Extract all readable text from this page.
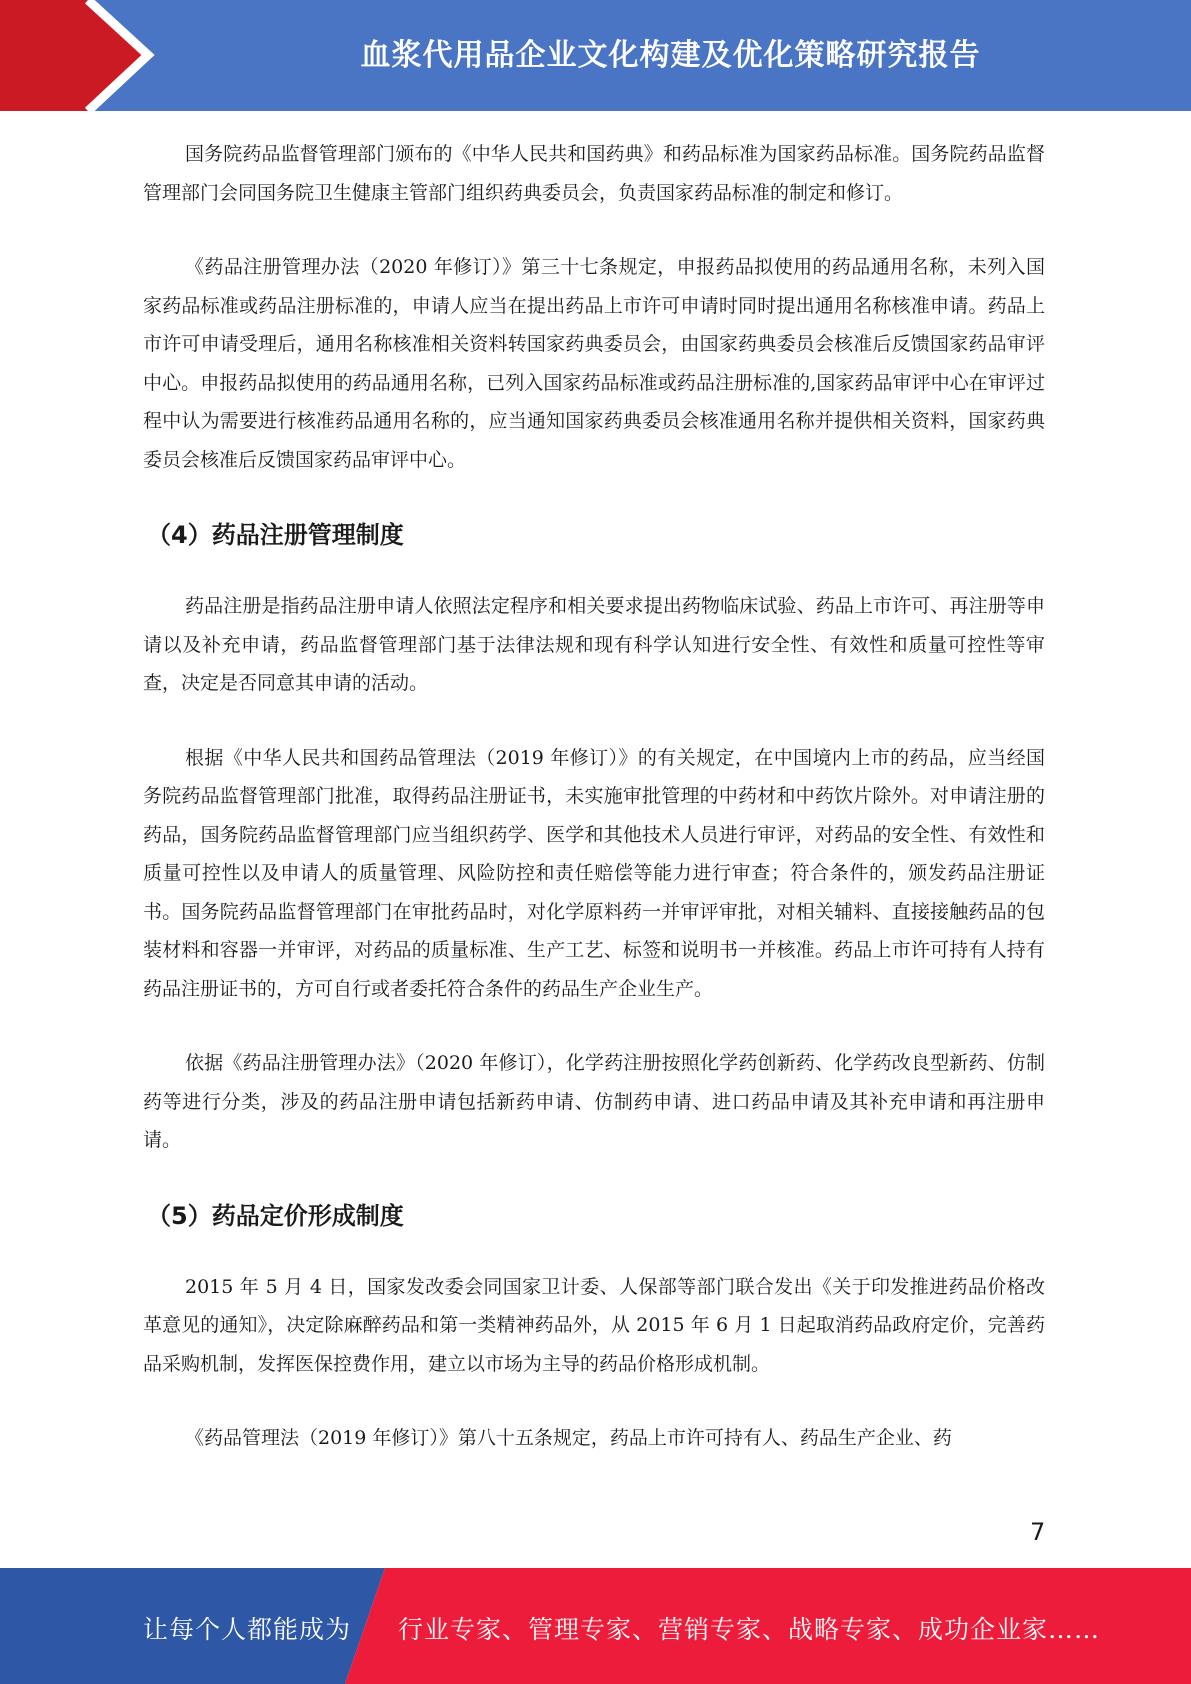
血浆代用品企业文化构建及优化策略研究报告

国务院药品监督管理部门颁布的《中华人民共和国药典》和药品标准为国家药品标准。国务院药品监督管理部门会同国务院卫生健康主管部门组织药典委员会，负责国家药品标准的制定和修订。

《药品注册管理办法（2020 年修订）》第三十七条规定，申报药品拟使用的药品通用名称，未列入国家药品标准或药品注册标准的，申请人应当在提出药品上市许可申请时同时提出通用名称核准申请。药品上市许可申请受理后，通用名称核准相关资料转国家药典委员会，由国家药典委员会核准后反馈国家药品审评中心。申报药品拟使用的药品通用名称，已列入国家药品标准或药品注册标准的,国家药品审评中心在审评过程中认为需要进行核准药品通用名称的，应当通知国家药典委员会核准通用名称并提供相关资料，国家药典委员会核准后反馈国家药品审评中心。

（4）药品注册管理制度

药品注册是指药品注册申请人依照法定程序和相关要求提出药物临床试验、药品上市许可、再注册等申请以及补充申请，药品监督管理部门基于法律法规和现有科学认知进行安全性、有效性和质量可控性等审查，决定是否同意其申请的活动。

根据《中华人民共和国药品管理法（2019 年修订）》的有关规定，在中国境内上市的药品，应当经国务院药品监督管理部门批准，取得药品注册证书，未实施审批管理的中药材和中药饮片除外。对申请注册的药品，国务院药品监督管理部门应当组织药学、医学和其他技术人员进行审评，对药品的安全性、有效性和质量可控性以及申请人的质量管理、风险防控和责任赔偿等能力进行审查；符合条件的，颁发药品注册证书。国务院药品监督管理部门在审批药品时，对化学原料药一并审评审批，对相关辅料、直接接触药品的包装材料和容器一并审评，对药品的质量标准、生产工艺、标签和说明书一并核准。药品上市许可持有人持有药品注册证书的，方可自行或者委托符合条件的药品生产企业生产。

依据《药品注册管理办法》（2020 年修订），化学药注册按照化学药创新药、化学药改良型新药、仿制药等进行分类，涉及的药品注册申请包括新药申请、仿制药申请、进口药品申请及其补充申请和再注册申请。

（5）药品定价形成制度

2015 年 5 月 4 日，国家发改委会同国家卫计委、人保部等部门联合发出《关于印发推进药品价格改革意见的通知》，决定除麻醉药品和第一类精神药品外，从 2015 年 6 月 1 日起取消药品政府定价，完善药品采购机制，发挥医保控费作用，建立以市场为主导的药品价格形成机制。

《药品管理法（2019 年修订）》第八十五条规定，药品上市许可持有人、药品生产企业、药

7
让每个人都能成为 行业专家、管理专家、营销专家、战略专家、成功企业家……
